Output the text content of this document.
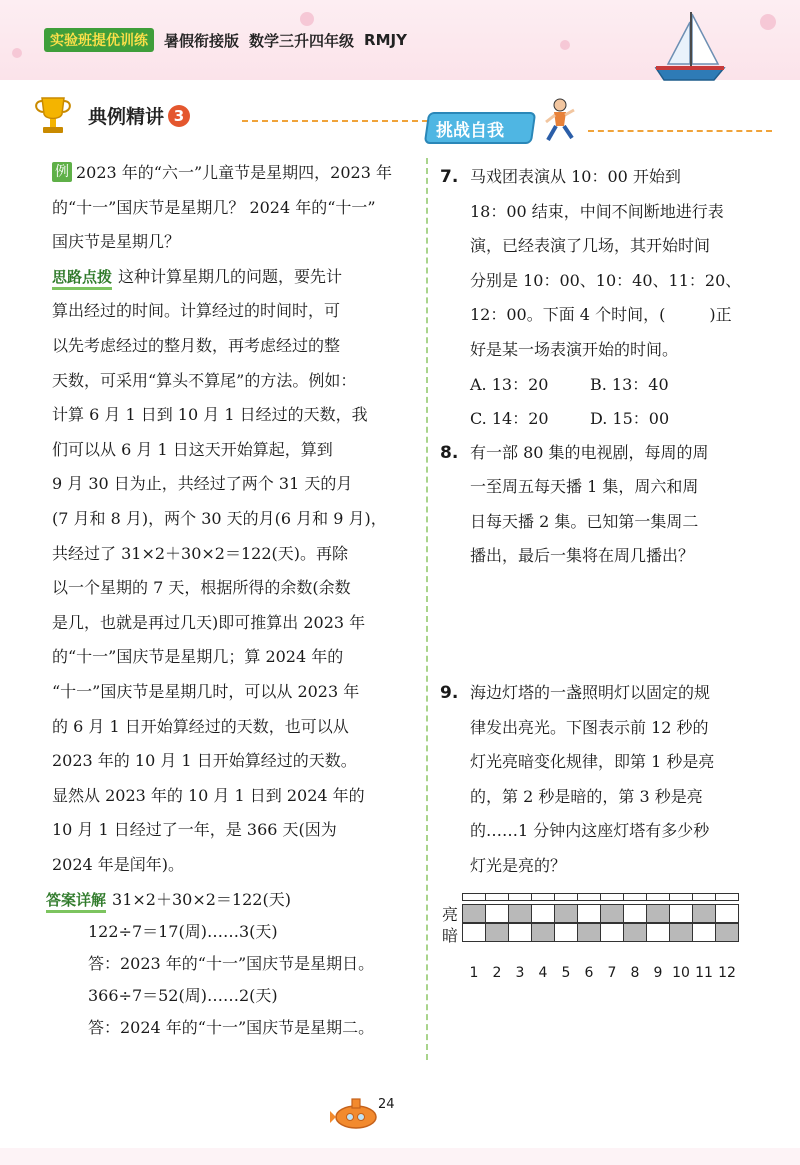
实验班提优训练	暑假衔接版 数学三升四年级 RMJY
典例精讲 3
挑战自我
例 2023 年的“六一”儿童节是星期四，2023 年
的“十一”国庆节是星期几？ 2024 年的“十一”
国庆节是星期几？
思路点拨 这种计算星期几的问题，要先计
算出经过的时间。计算经过的时间时，可
以先考虑经过的整月数，再考虑经过的整
天数，可采用“算头不算尾”的方法。例如：
计算 6 月 1 日到 10 月 1 日经过的天数，我
们可以从 6 月 1 日这天开始算起，算到
9 月 30 日为止，共经过了两个 31 天的月
(7 月和 8 月)，两个 30 天的月(6 月和 9 月)，
共经过了 31×2＋30×2＝122(天)。再除
以一个星期的 7 天，根据所得的余数(余数
是几，也就是再过几天)即可推算出 2023 年
的“十一”国庆节是星期几；算 2024 年的
“十一”国庆节是星期几时，可以从 2023 年
的 6 月 1 日开始算经过的天数，也可以从
2023 年的 10 月 1 日开始算经过的天数。
显然从 2023 年的 10 月 1 日到 2024 年的
10 月 1 日经过了一年，是 366 天(因为
2024 年是闰年)。
答案详解 31×2＋30×2＝122(天)
122÷7＝17(周)……3(天)
答：2023 年的“十一”国庆节是星期日。
366÷7＝52(周)……2(天)
答：2024 年的“十一”国庆节是星期二。
7. 马戏团表演从 10：00 开始到
18：00 结束，中间不间断地进行表
演，已经表演了几场，其开始时间
分别是 10：00、10：40、11：20、
12：00。下面 4 个时间，(	)正
好是某一场表演开始的时间。
A. 13：20	B. 13：40
C. 14：20	D. 15：00
8. 有一部 80 集的电视剧，每周的周
一至周五每天播 1 集，周六和周
日每天播 2 集。已知第一集周二
播出，最后一集将在周几播出？
9. 海边灯塔的一盏照明灯以固定的规
律发出亮光。下图表示前 12 秒的
灯光亮暗变化规律，即第 1 秒是亮
的，第 2 秒是暗的，第 3 秒是亮
的……1 分钟内这座灯塔有多少秒
灯光是亮的？
亮
暗
1	2	3	4	5	6	7	8	9 10 11 12
24
